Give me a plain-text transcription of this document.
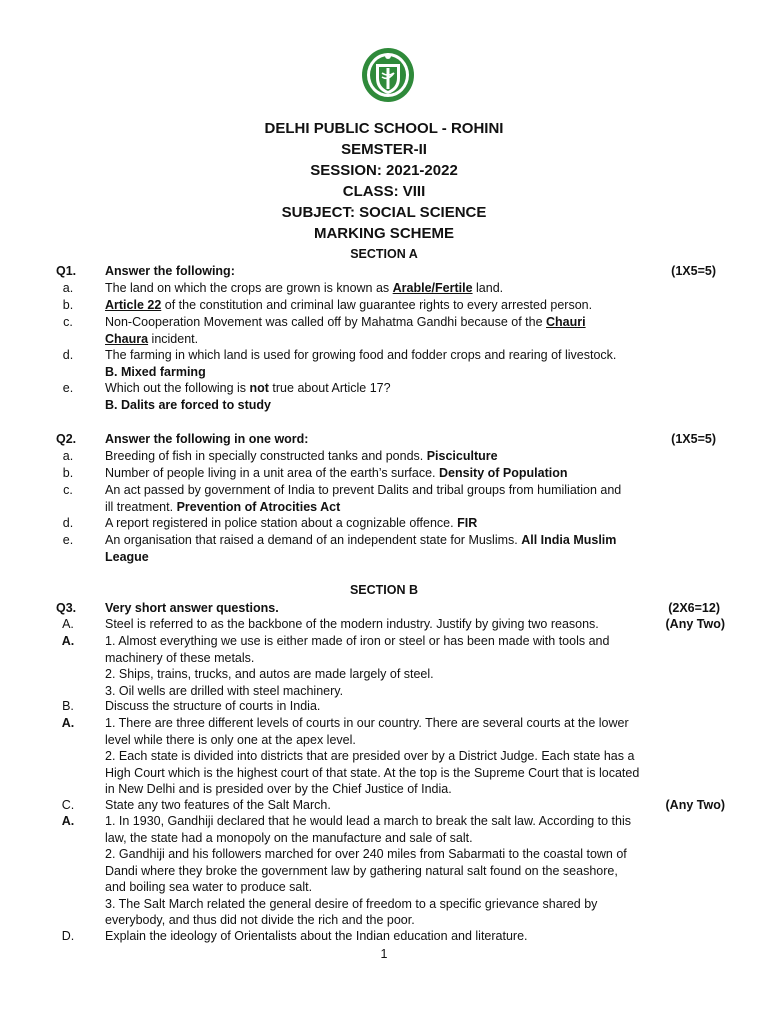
DELHI PUBLIC SCHOOL - ROHINI
SEMSTER-II
SESSION: 2021-2022
CLASS: VIII
SUBJECT: SOCIAL SCIENCE
MARKING SCHEME
SECTION A
Q1. Answer the following:	(1X5=5)
a.	The land on which the crops are grown is known as Arable/Fertile land.
b.	Article 22 of the constitution and criminal law guarantee rights to every arrested person.
c.	Non-Cooperation Movement was called off by Mahatma Gandhi because of the Chauri Chaura incident.
d.	The farming in which land is used for growing food and fodder crops and rearing of livestock.
B. Mixed farming
e.	Which out the following is not true about Article 17?
B. Dalits are forced to study
Q2. Answer the following in one word:	(1X5=5)
a.	Breeding of fish in specially constructed tanks and ponds. Pisciculture
b.	Number of people living in a unit area of the earth’s surface. Density of Population
c.	An act passed by government of India to prevent Dalits and tribal groups from humiliation and ill treatment. Prevention of Atrocities Act
d.	A report registered in police station about a cognizable offence. FIR
e.	An organisation that raised a demand of an independent state for Muslims. All India Muslim League
SECTION B
Q3. Very short answer questions.	(2X6=12)
A.	Steel is referred to as the backbone of the modern industry. Justify by giving two reasons.	(Any Two)
A.	1. Almost everything we use is either made of iron or steel or has been made with tools and machinery of these metals.
2. Ships, trains, trucks, and autos are made largely of steel.
3. Oil wells are drilled with steel machinery.
B.	Discuss the structure of courts in India.
A.	1. There are three different levels of courts in our country. There are several courts at the lower level while there is only one at the apex level.
2. Each state is divided into districts that are presided over by a District Judge. Each state has a High Court which is the highest court of that state. At the top is the Supreme Court that is located in New Delhi and is presided over by the Chief Justice of India.
C.	State any two features of the Salt March.	(Any Two)
A.	1. In 1930, Gandhiji declared that he would lead a march to break the salt law. According to this law, the state had a monopoly on the manufacture and sale of salt.
2. Gandhiji and his followers marched for over 240 miles from Sabarmati to the coastal town of Dandi where they broke the government law by gathering natural salt found on the seashore, and boiling sea water to produce salt.
3. The Salt March related the general desire of freedom to a specific grievance shared by everybody, and thus did not divide the rich and the poor.
D.	Explain the ideology of Orientalists about the Indian education and literature.
1
